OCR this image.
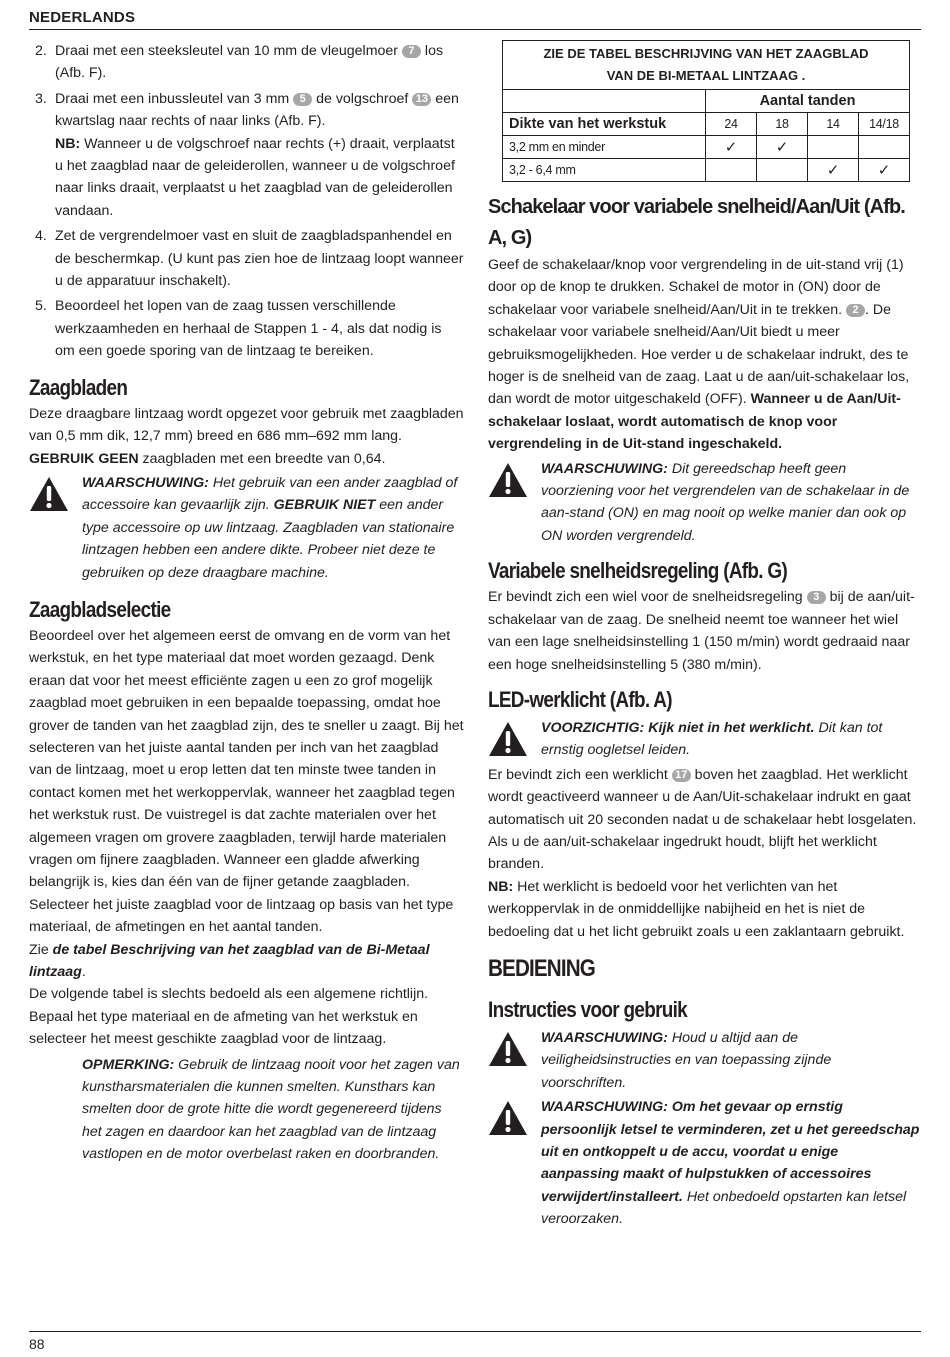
NEDERLANDS
2. Draai met een steeksleutel van 10 mm de vleugelmoer 7 los (Afb. F).
3. Draai met een inbussleutel van 3 mm 5 de volgschroef 13 een kwartslag naar rechts of naar links (Afb. F).
NB: Wanneer u de volgschroef naar rechts (+) draait, verplaatst u het zaagblad naar de geleiderollen, wanneer u de volgschroef naar links draait, verplaatst u het zaagblad van de geleiderollen vandaan.
4. Zet de vergrendelmoer vast en sluit de zaagbladspanhendel en de beschermkap. (U kunt pas zien hoe de lintzaag loopt wanneer u de apparatuur inschakelt).
5. Beoordeel het lopen van de zaag tussen verschillende werkzaamheden en herhaal de Stappen 1 - 4, als dat nodig is om een goede sporing van de lintzaag te bereiken.
Zaagbladen

Deze draagbare lintzaag wordt opgezet voor gebruik met zaagbladen van 0,5 mm dik, 12,7 mm) breed en 686 mm–692 mm lang. GEBRUIK GEEN zaagbladen met een breedte van 0,64.

WAARSCHUWING: Het gebruik van een ander zaagblad of accessoire kan gevaarlijk zijn. GEBRUIK NIET een ander type accessoire op uw lintzaag. Zaagbladen van stationaire lintzagen hebben een andere dikte. Probeer niet deze te gebruiken op deze draagbare machine.

Zaagbladselectie

Beoordeel over het algemeen eerst de omvang en de vorm van het werkstuk, en het type materiaal dat moet worden gezaagd. Denk eraan dat voor het meest efficiënte zagen u een zo grof mogelijk zaagblad moet gebruiken in een bepaalde toepassing, omdat hoe grover de tanden van het zaagblad zijn, des te sneller u zaagt. Bij het selecteren van het juiste aantal tanden per inch van het zaagblad van de lintzaag, moet u erop letten dat ten minste twee tanden in contact komen met het werkoppervlak, wanneer het zaagblad tegen het werkstuk rust. De vuistregel is dat zachte materialen over het algemeen vragen om grovere zaagbladen, terwijl harde materialen vragen om fijnere zaagbladen. Wanneer een gladde afwerking belangrijk is, kies dan één van de fijner getande zaagbladen.

Selecteer het juiste zaagblad voor de lintzaag op basis van het type materiaal, de afmetingen en het aantal tanden.

Zie de tabel Beschrijving van het zaagblad van de Bi-Metaal lintzaag.

De volgende tabel is slechts bedoeld als een algemene richtlijn. Bepaal het type materiaal en de afmeting van het werkstuk en selecteer het meest geschikte zaagblad voor de lintzaag.

OPMERKING: Gebruik de lintzaag nooit voor het zagen van kunstharsmaterialen die kunnen smelten. Kunsthars kan smelten door de grote hitte die wordt gegenereerd tijdens het zagen en daardoor kan het zaagblad van de lintzaag vastlopen en de motor overbelast raken en doorbranden.

ZIE DE TABEL BESCHRIJVING VAN HET ZAAGBLAD
VAN DE BI-METAAL LINTZAAG .				
	Aantal tanden			
Dikte van het werkstuk	24	18	14	14/18
3,2 mm en minder	✓	✓		
3,2 - 6,4 mm			✓	✓
Schakelaar voor variabele snelheid/Aan/Uit (Afb. A, G)

Geef de schakelaar/knop voor vergrendeling in de uit-stand vrij (1) door op de knop te drukken. Schakel de motor in (ON) door de schakelaar voor variabele snelheid/Aan/Uit in te trekken. 2 . De schakelaar voor variabele snelheid/Aan/Uit biedt u meer gebruiksmogelijkheden. Hoe verder u de schakelaar indrukt, des te hoger is de snelheid van de zaag. Laat u de aan/uit-schakelaar los, dan wordt de motor uitgeschakeld (OFF). Wanneer u de Aan/Uit-schakelaar loslaat, wordt automatisch de knop voor vergrendeling in de Uit-stand ingeschakeld.

WAARSCHUWING: Dit gereedschap heeft geen voorziening voor het vergrendelen van de schakelaar in de aan-stand (ON) en mag nooit op welke manier dan ook op ON worden vergrendeld.

Variabele snelheidsregeling (Afb. G)

Er bevindt zich een wiel voor de snelheidsregeling 3 bij de aan/uit-schakelaar van de zaag. De snelheid neemt toe wanneer het wiel van een lage snelheidsinstelling 1 (150 m/min) wordt gedraaid naar een hoge snelheidsinstelling 5 (380 m/min).

LED-werklicht (Afb. A)

VOORZICHTIG: Kijk niet in het werklicht. Dit kan tot ernstig oogletsel leiden.

Er bevindt zich een werklicht 17 boven het zaagblad. Het werklicht wordt geactiveerd wanneer u de Aan/Uit-schakelaar indrukt en gaat automatisch uit 20 seconden nadat u de schakelaar hebt losgelaten. Als u de aan/uit-schakelaar ingedrukt houdt, blijft het werklicht branden.

NB: Het werklicht is bedoeld voor het verlichten van het werkoppervlak in de onmiddellijke nabijheid en het is niet de bedoeling dat u het licht gebruikt zoals u een zaklantaarn gebruikt.

BEDIENING
Instructies voor gebruik

WAARSCHUWING: Houd u altijd aan de veiligheidsinstructies en van toepassing zijnde voorschriften.

WAARSCHUWING: Om het gevaar op ernstig persoonlijk letsel te verminderen, zet u het gereedschap uit en ontkoppelt u de accu, voordat u enige aanpassing maakt of hulpstukken of accessoires verwijdert/installeert. Het onbedoeld opstarten kan letsel veroorzaken.

88
